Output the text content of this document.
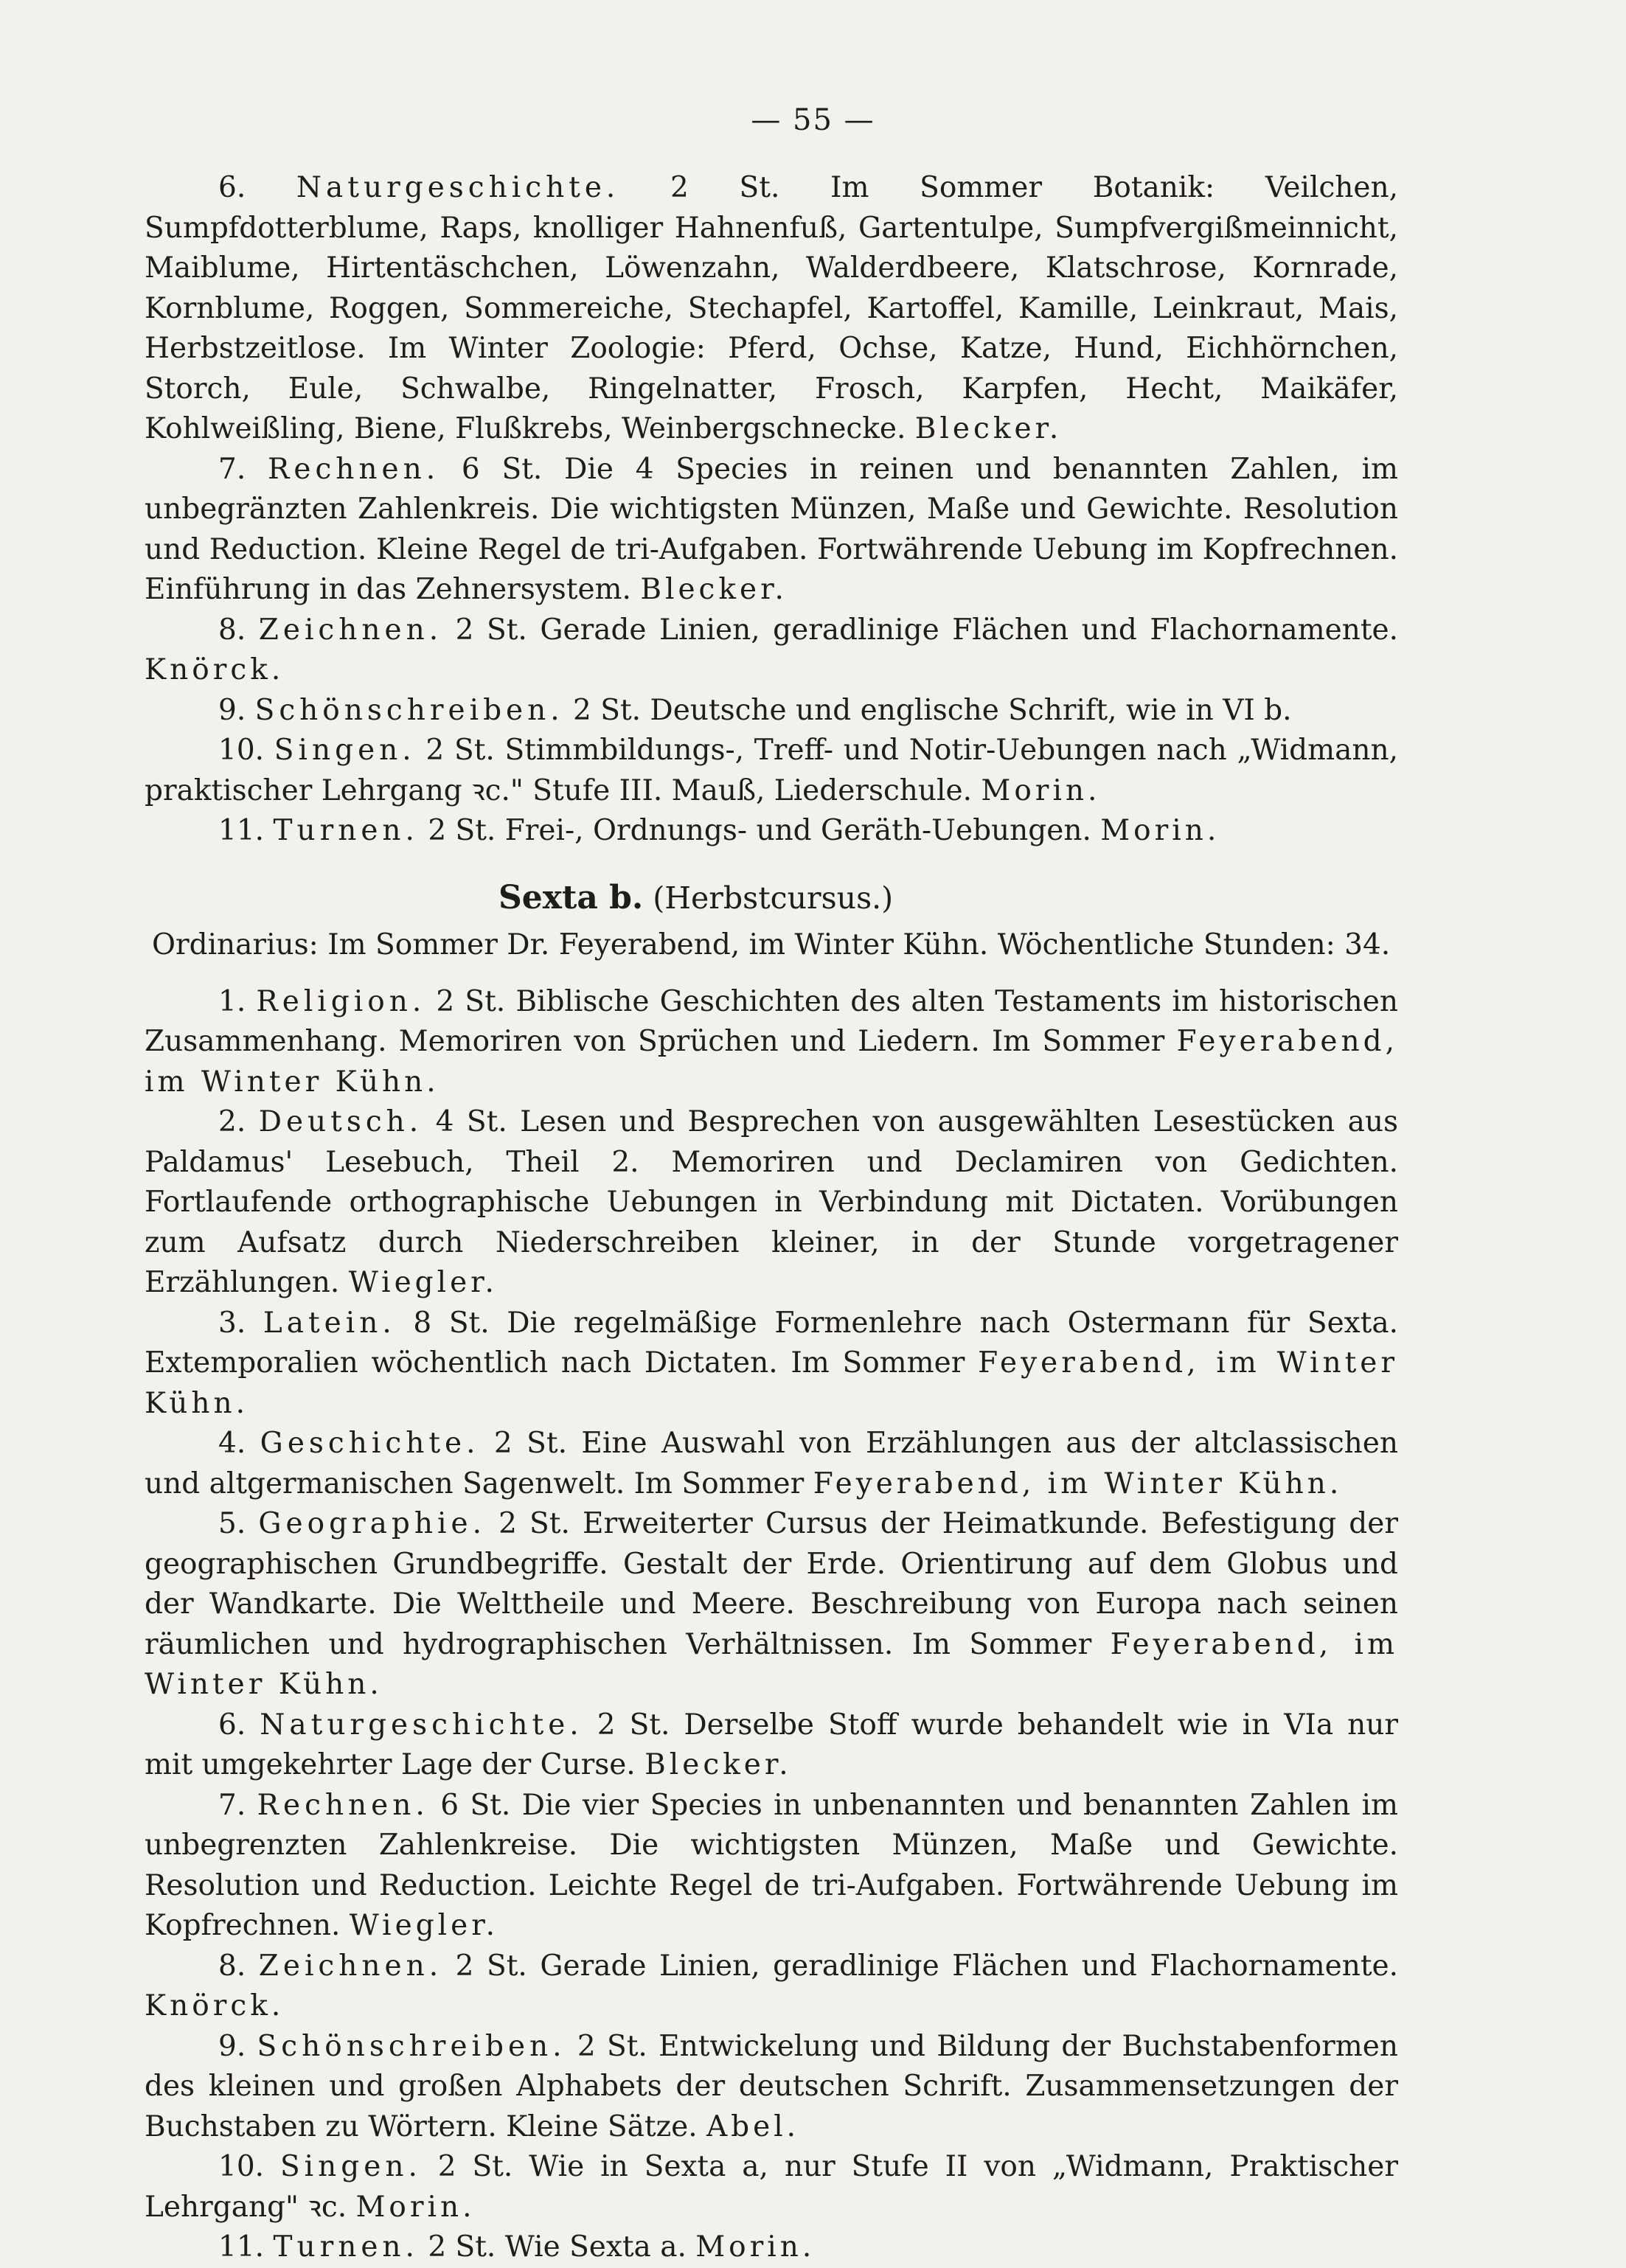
— 55 —

6. Naturgeschichte. 2 St. Im Sommer Botanik: Veilchen, Sumpfdotterblume, Raps, knolliger Hahnenfuß, Gartentulpe, Sumpfvergißmeinnicht, Maiblume, Hirtentäschchen, Löwenzahn, Walderdbeere, Klatschrose, Kornrade, Kornblume, Roggen, Sommereiche, Stechapfel, Kartoffel, Kamille, Leinkraut, Mais, Herbstzeitlose. Im Winter Zoologie: Pferd, Ochse, Katze, Hund, Eichhörnchen, Storch, Eule, Schwalbe, Ringelnatter, Frosch, Karpfen, Hecht, Maikäfer, Kohlweißling, Biene, Flußkrebs, Weinbergschnecke. Blecker.

7. Rechnen. 6 St. Die 4 Species in reinen und benannten Zahlen, im unbegränzten Zahlenkreis. Die wichtigsten Münzen, Maße und Gewichte. Resolution und Reduction. Kleine Regel de tri-Aufgaben. Fortwährende Uebung im Kopfrechnen. Einführung in das Zehnersystem. Blecker.

8. Zeichnen. 2 St. Gerade Linien, geradlinige Flächen und Flachornamente. Knörck.

9. Schönschreiben. 2 St. Deutsche und englische Schrift, wie in VI b.

10. Singen. 2 St. Stimmbildungs-, Treff- und Notir-Uebungen nach „Widmann, praktischer Lehrgang ꝛc." Stufe III. Mauß, Liederschule. Morin.

11. Turnen. 2 St. Frei-, Ordnungs- und Geräth-Uebungen. Morin.

Sexta b. (Herbstcursus.)

Ordinarius: Im Sommer Dr. Feyerabend, im Winter Kühn. Wöchentliche Stunden: 34.

1. Religion. 2 St. Biblische Geschichten des alten Testaments im historischen Zusammenhang. Memoriren von Sprüchen und Liedern. Im Sommer Feyerabend, im Winter Kühn.

2. Deutsch. 4 St. Lesen und Besprechen von ausgewählten Lesestücken aus Paldamus' Lesebuch, Theil 2. Memoriren und Declamiren von Gedichten. Fortlaufende orthographische Uebungen in Verbindung mit Dictaten. Vorübungen zum Aufsatz durch Niederschreiben kleiner, in der Stunde vorgetragener Erzählungen. Wiegler.

3. Latein. 8 St. Die regelmäßige Formenlehre nach Ostermann für Sexta. Extemporalien wöchentlich nach Dictaten. Im Sommer Feyerabend, im Winter Kühn.

4. Geschichte. 2 St. Eine Auswahl von Erzählungen aus der altclassischen und altgermanischen Sagenwelt. Im Sommer Feyerabend, im Winter Kühn.

5. Geographie. 2 St. Erweiterter Cursus der Heimatkunde. Befestigung der geographischen Grundbegriffe. Gestalt der Erde. Orientirung auf dem Globus und der Wandkarte. Die Welttheile und Meere. Beschreibung von Europa nach seinen räumlichen und hydrographischen Verhältnissen. Im Sommer Feyerabend, im Winter Kühn.

6. Naturgeschichte. 2 St. Derselbe Stoff wurde behandelt wie in VIa nur mit umgekehrter Lage der Curse. Blecker.

7. Rechnen. 6 St. Die vier Species in unbenannten und benannten Zahlen im unbegrenzten Zahlenkreise. Die wichtigsten Münzen, Maße und Gewichte. Resolution und Reduction. Leichte Regel de tri-Aufgaben. Fortwährende Uebung im Kopfrechnen. Wiegler.

8. Zeichnen. 2 St. Gerade Linien, geradlinige Flächen und Flachornamente. Knörck.

9. Schönschreiben. 2 St. Entwickelung und Bildung der Buchstabenformen des kleinen und großen Alphabets der deutschen Schrift. Zusammensetzungen der Buchstaben zu Wörtern. Kleine Sätze. Abel.

10. Singen. 2 St. Wie in Sexta a, nur Stufe II von „Widmann, Praktischer Lehrgang" ꝛc. Morin.

11. Turnen. 2 St. Wie Sexta a. Morin.
